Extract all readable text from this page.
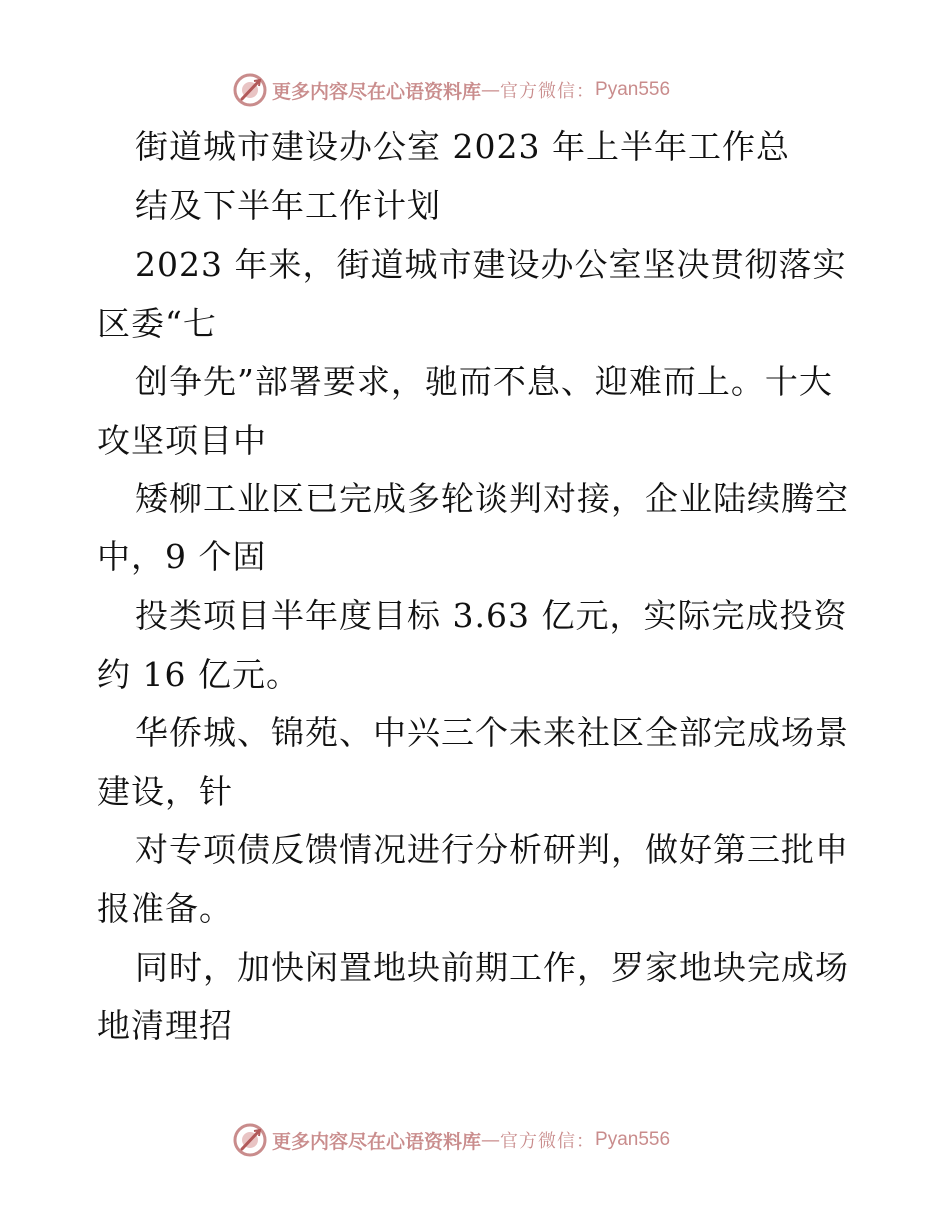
更多内容尽在心语资料库 — 官方微信： Pyan556
街道城市建设办公室 2023 年上半年工作总
结及下半年工作计划
2023 年来，街道城市建设办公室坚决贯彻落实
区委“七
创争先”部署要求，驰而不息、迎难而上。十大
攻坚项目中
矮柳工业区已完成多轮谈判对接，企业陆续腾空
中，9 个固
投类项目半年度目标 3.63 亿元，实际完成投资
约 16 亿元。
华侨城、锦苑、中兴三个未来社区全部完成场景
建设，针
对专项债反馈情况进行分析研判，做好第三批申
报准备。
同时，加快闲置地块前期工作，罗家地块完成场
地清理招
更多内容尽在心语资料库 — 官方微信： Pyan556
